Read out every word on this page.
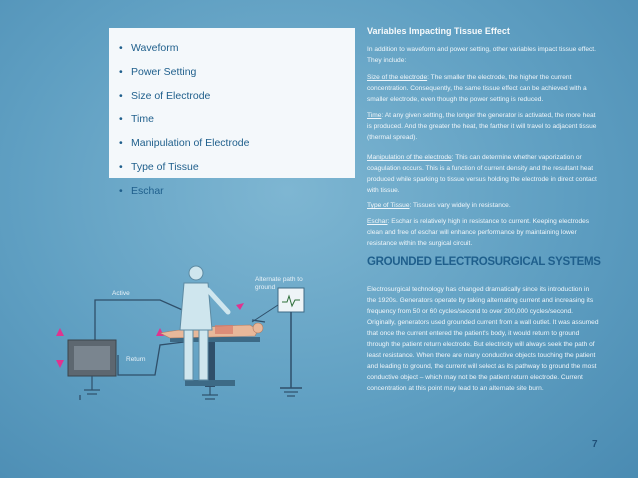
• Waveform
• Power Setting
• Size of Electrode
• Time
• Manipulation of Electrode
• Type of Tissue
• Eschar
Variables Impacting Tissue Effect
In addition to waveform and power setting, other variables impact tissue effect. They include:
Size of the electrode: The smaller the electrode, the higher the current concentration. Consequently, the same tissue effect can be achieved with a smaller electrode, even though the power setting is reduced.
Time: At any given setting, the longer the generator is activated, the more heat is produced. And the greater the heat, the farther it will travel to adjacent tissue (thermal spread).
Manipulation of the electrode: This can determine whether vaporization or coagulation occurs. This is a function of current density and the resultant heat produced while sparking to tissue versus holding the electrode in direct contact with tissue.
Type of Tissue: Tissues vary widely in resistance.
Eschar: Eschar is relatively high in resistance to current. Keeping electrodes clean and free of eschar will enhance performance by maintaining lower resistance within the surgical circuit.
GROUNDED ELECTROSURGICAL SYSTEMS
Electrosurgical technology has changed dramatically since its introduction in the 1920s. Generators operate by taking alternating current and increasing its frequency from 50 or 60 cycles/second to over 200,000 cycles/second. Originally, generators used grounded current from a wall outlet. It was assumed that once the current entered the patient's body, it would return to ground through the patient return electrode. But electricity will always seek the path of least resistance. When there are many conductive objects touching the patient and leading to ground, the current will select as its pathway to ground the most conductive object – which may not be the patient return electrode. Current concentration at this point may lead to an alternate site burn.
Active
Return
Alternate path to ground
7
